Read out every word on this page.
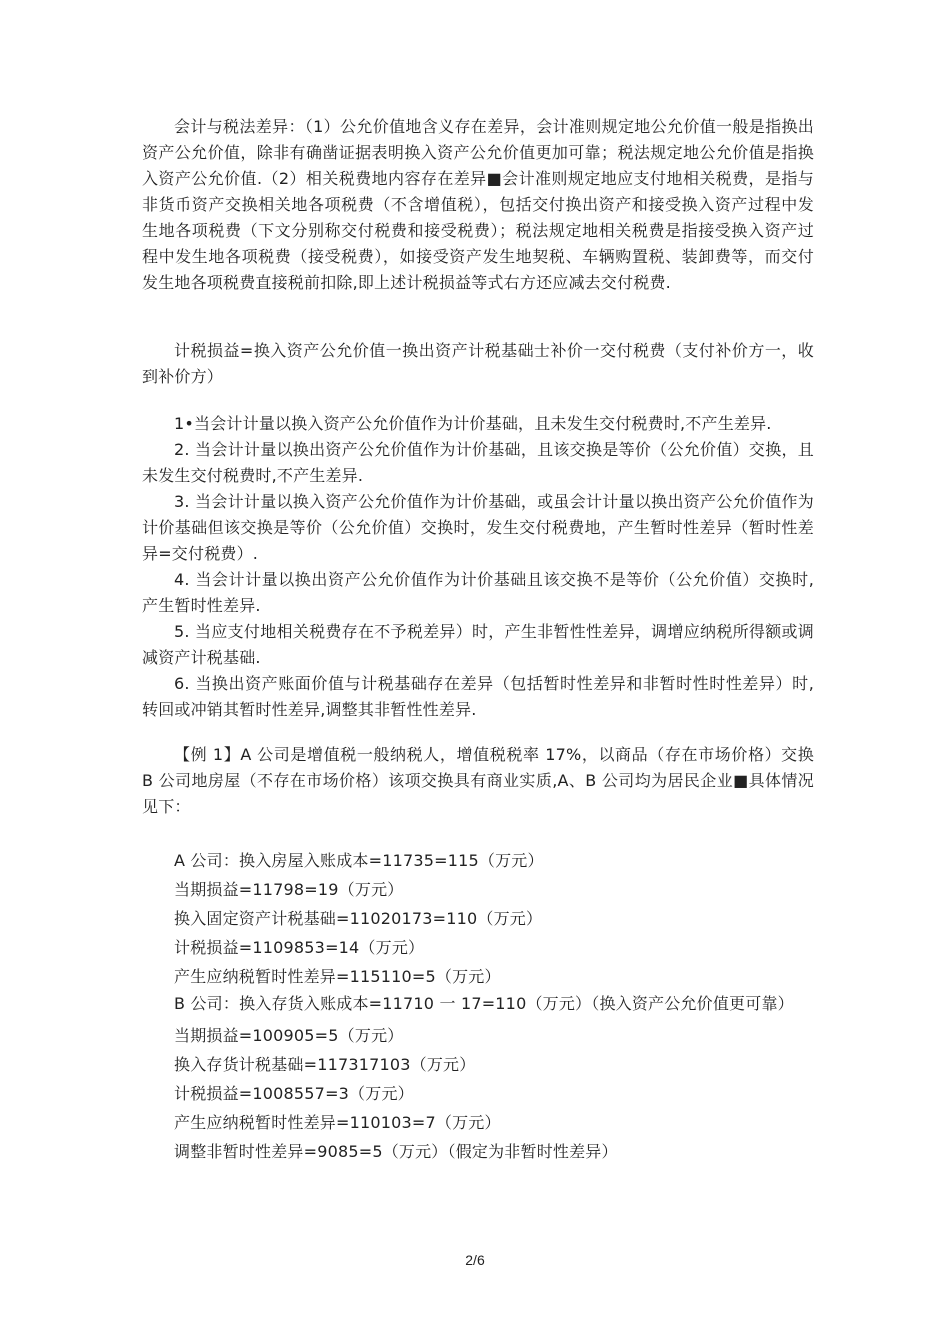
会计与税法差异：（1）公允价值地含义存在差异，会计准则规定地公允价值一般是指换出资产公允价值，除非有确凿证据表明换入资产公允价值更加可靠；税法规定地公允价值是指换入资产公允价值.（2）相关税费地内容存在差异■会计准则规定地应支付地相关税费，是指与非货币资产交换相关地各项税费（不含增值税），包括交付换出资产和接受换入资产过程中发生地各项税费（下文分别称交付税费和接受税费）；税法规定地相关税费是指接受换入资产过程中发生地各项税费（接受税费），如接受资产发生地契税、车辆购置税、装卸费等，而交付发生地各项税费直接税前扣除,即上述计税损益等式右方还应减去交付税费.

计税损益=换入资产公允价值一换出资产计税基础士补价一交付税费（支付补价方一，收到补价方）

1•当会计计量以换入资产公允价值作为计价基础，且未发生交付税费时,不产生差异.

2. 当会计计量以换出资产公允价值作为计价基础，且该交换是等价（公允价值）交换，且未发生交付税费时,不产生差异.

3. 当会计计量以换入资产公允价值作为计价基础，或虽会计计量以换出资产公允价值作为计价基础但该交换是等价（公允价值）交换时，发生交付税费地，产生暂时性差异（暂时性差异=交付税费）.

4. 当会计计量以换出资产公允价值作为计价基础且该交换不是等价（公允价值）交换时,产生暂时性差异.

5. 当应支付地相关税费存在不予税差异）时，产生非暂性性差异，调增应纳税所得额或调减资产计税基础.

6. 当换出资产账面价值与计税基础存在差异（包括暂时性差异和非暂时性时性差异）时,转回或冲销其暂时性差异,调整其非暂性性差异.

【例 1】A 公司是增值税一般纳税人，增值税税率 17%，以商品（存在市场价格）交换 B 公司地房屋（不存在市场价格）该项交换具有商业实质,A、B 公司均为居民企业■具体情况见下：

A 公司：换入房屋入账成本=11735=115（万元）

当期损益=11798=19（万元）

换入固定资产计税基础=11020173=110（万元）

计税损益=1109853=14（万元）

产生应纳税暂时性差异=115110=5（万元）

B 公司：换入存货入账成本=11710 一 17=110（万元）（换入资产公允价值更可靠）

当期损益=100905=5（万元）

换入存货计税基础=117317103（万元）

计税损益=1008557=3（万元）

产生应纳税暂时性差异=110103=7（万元）

调整非暂时性差异=9085=5（万元）（假定为非暂时性差异）

2/6
